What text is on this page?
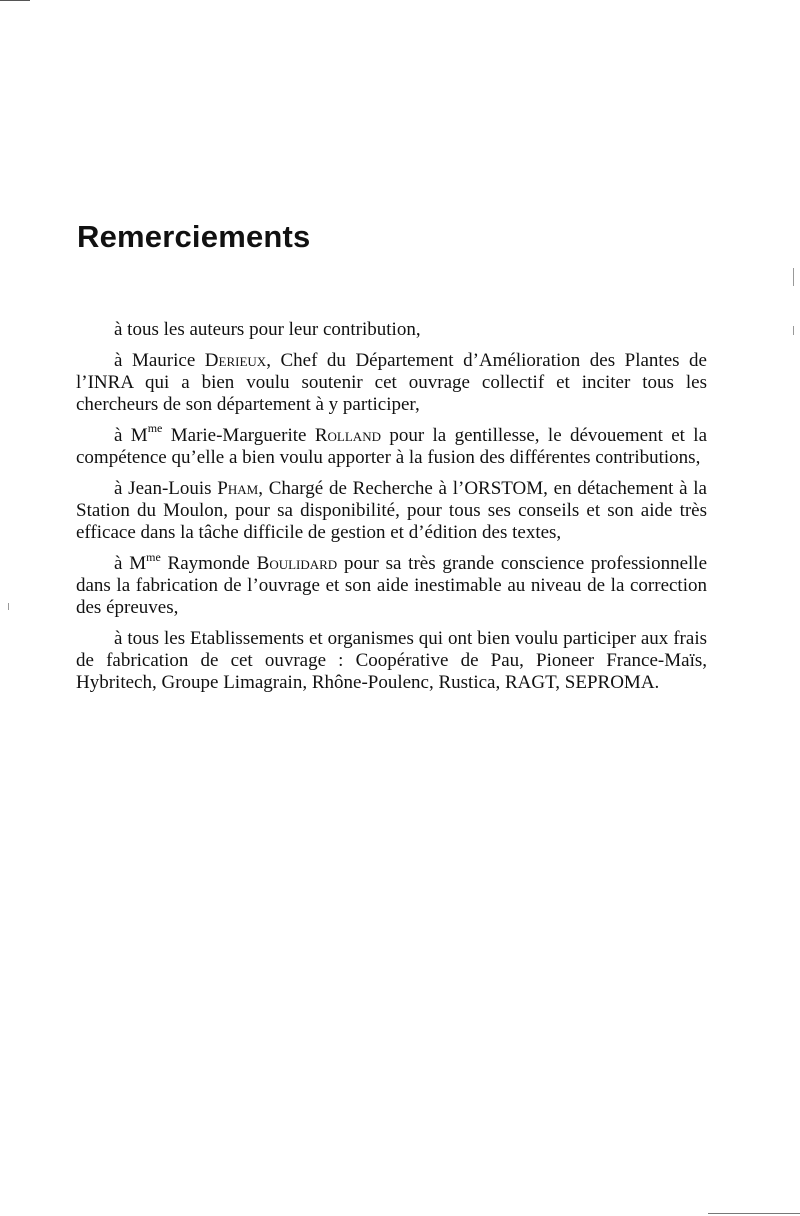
Remerciements

à tous les auteurs pour leur contribution,

à Maurice Derieux, Chef du Département d’Amélioration des Plantes de l’INRA qui a bien voulu soutenir cet ouvrage collectif et inciter tous les chercheurs de son département à y participer,

à $M^{me}$ Marie-Marguerite Rolland pour la gentillesse, le dévouement et la compétence qu’elle a bien voulu apporter à la fusion des différentes contributions,

à Jean-Louis Pham, Chargé de Recherche à l’ORSTOM, en détachement à la Station du Moulon, pour sa disponibilité, pour tous ses conseils et son aide très efficace dans la tâche difficile de gestion et d’édition des textes,

à $M^{me}$ Raymonde Boulidard pour sa très grande conscience professionnelle dans la fabrication de l’ouvrage et son aide inestimable au niveau de la correction des épreuves,

à tous les Etablissements et organismes qui ont bien voulu participer aux frais de fabrication de cet ouvrage : Coopérative de Pau, Pioneer France-Maïs, Hybritech, Groupe Limagrain, Rhône-Poulenc, Rustica, RAGT, SEPROMA.
